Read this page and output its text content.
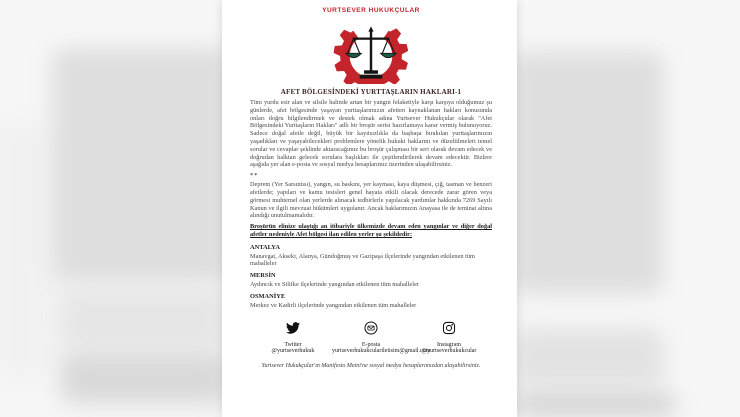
YURTSEVER HUKUKÇULAR
AFET BÖLGESİNDEKİ YURTTAŞLARIN HAKLARI-1

Tüm yurdu esir alan ve silsile halinde artan bir yangın felaketiyle karşı karşıya olduğumuz şu günlerde, afet bölgesinde yaşayan yurttaşlarımızın afetten kaynaklanan hakları konusunda onları doğru bilgilendirmek ve destek olmak adına Yurtsever Hukukçular olarak "Afet Bölgesindeki Yurttaşların Hakları" adlı bir broşür serisi hazırlamaya karar vermiş bulunuyoruz. Sadece doğal afetle değil, büyük bir kayıtsızlıkla da başbaşa bırakılan yurttaşlarımızın yaşadıkları ve yaşayabilecekleri problemlere yönelik hukuki haklarını ve düzeltilmeleri temel sorular ve cevaplar şeklinde aktaracağımız bu broşür çalışması bir seri olarak devam edecek ve doğrudan halktan gelecek sorulara başlıkları ile çeşitlendirilerek devam edecektir. Bizlere aşağıda yer alan e-posta ve sosyal medya hesaplarımız üzerinden ulaşabilirsiniz.

**

Deprem (Yer Sarsıntısı), yangın, su baskını, yer kayması, kaya düşmesi, çığ, tasman ve benzeri afetlerde; yapıları ve kamu tesisleri genel hayata etkili olacak derecede zarar gören veya görmesi muhtemel olan yerlerde alınacak tedbirlerle yapılacak yardımlar hakkında 7269 Sayılı Kanun ve ilgili mevzuat hükümleri uygulanır. Ancak haklarımızın Anayasa ile de teminat altına alındığı unutulmamalıdır.

Broşürün elinize ulaştığı an itibariyle ülkemizde devam eden yangınlar ve diğer doğal afetler nedeniyle Afet bölgesi ilan edilen yerler şu şekildedir:

ANTALYA

Manavgat, Akseki, Alanya, Gündoğmuş ve Gazipaşa ilçelerinde yangından etkilenen tüm mahalleler

MERSİN

Aydıncık ve Silifke ilçelerinde yangından etkilenen tüm mahalleler

OSMANİYE

Merkez ve Kadirli ilçelerinde yangından etkilenen tüm mahalleler

Twitter
@yurtseverhukuk
E-posta
yurtseverhukukculariletisim@gmail.com
Instagram
@yurtseverhukukcular
Yurtsever Hukukçular'ın Manifesto Metni'ne sosyal medya hesaplarımızdan ulaşabilirsiniz.
